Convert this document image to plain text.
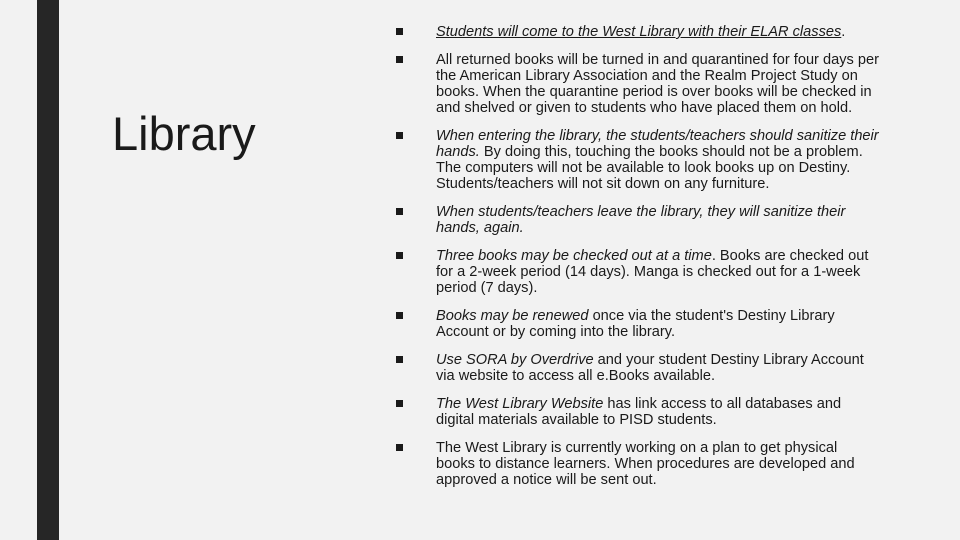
Library
Students will come to the West Library with their ELAR classes.
All returned books will be turned in and quarantined for four days per the American Library Association and the Realm Project Study on books. When the quarantine period is over books will be checked in and shelved or given to students who have placed them on hold.
When entering the library, the students/teachers should sanitize their hands. By doing this, touching the books should not be a problem. The computers will not be available to look books up on Destiny. Students/teachers will not sit down on any furniture.
When students/teachers leave the library, they will sanitize their hands, again.
Three books may be checked out at a time. Books are checked out for a 2-week period (14 days). Manga is checked out for a 1-week period (7 days).
Books may be renewed once via the student's Destiny Library Account or by coming into the library.
Use SORA by Overdrive and your student Destiny Library Account via website to access all e.Books available.
The West Library Website has link access to all databases and digital materials available to PISD students.
The West Library is currently working on a plan to get physical books to distance learners. When procedures are developed and approved a notice will be sent out.
